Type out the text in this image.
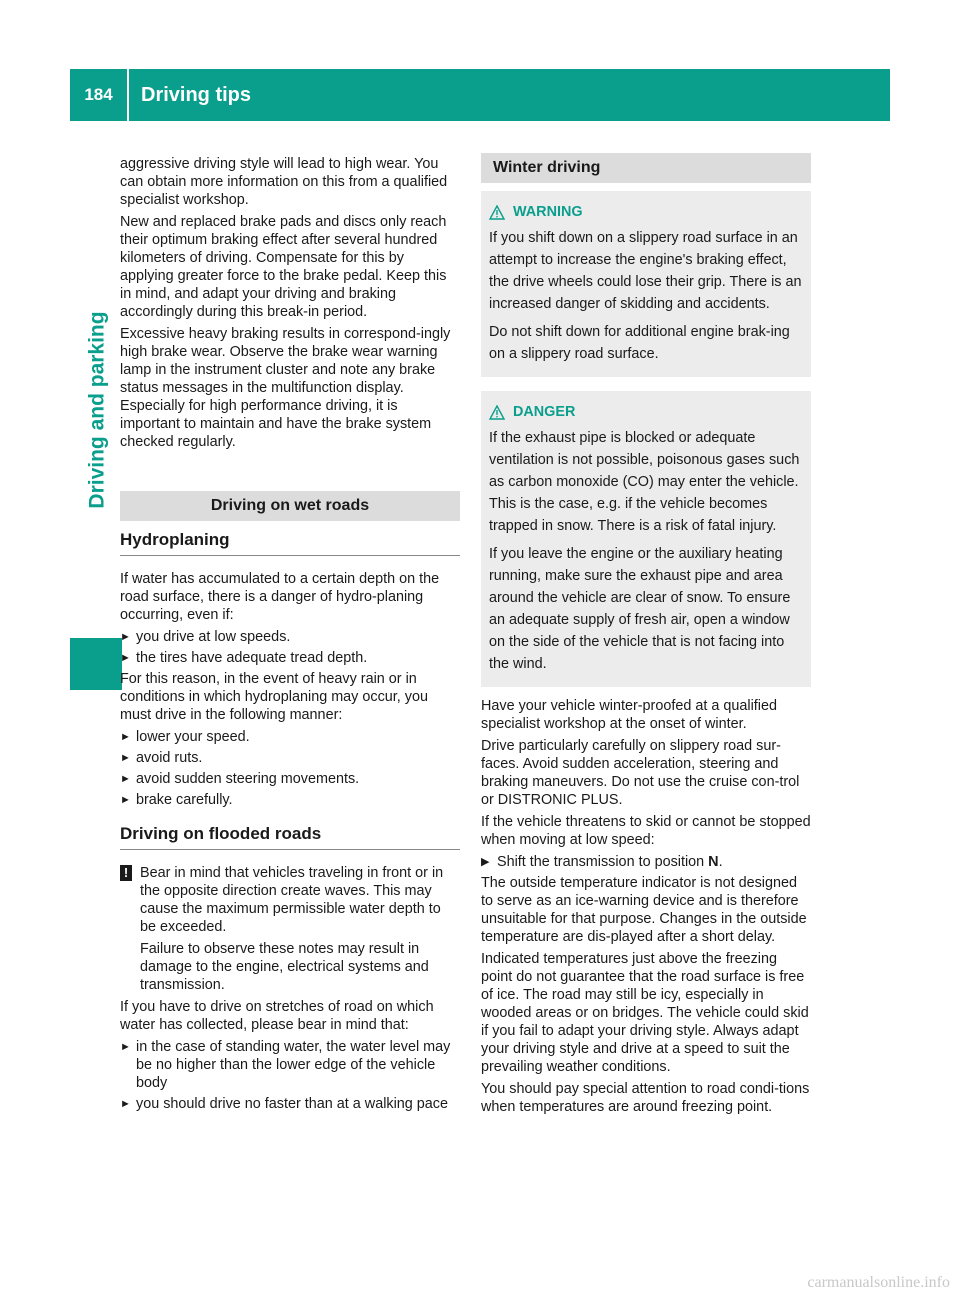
184	Driving tips
Driving and parking

aggressive driving style will lead to high wear. You can obtain more information on this from a qualified specialist workshop.

New and replaced brake pads and discs only reach their optimum braking effect after several hundred kilometers of driving. Compensate for this by applying greater force to the brake pedal. Keep this in mind, and adapt your driving and braking accordingly during this break-in period.

Excessive heavy braking results in correspond-ingly high brake wear. Observe the brake wear warning lamp in the instrument cluster and note any brake status messages in the multifunction display. Especially for high performance driving, it is important to maintain and have the brake system checked regularly.

Driving on wet roads
Hydroplaning

If water has accumulated to a certain depth on the road surface, there is a danger of hydro-planing occurring, even if:

► you drive at low speeds.
► the tires have adequate tread depth.

For this reason, in the event of heavy rain or in conditions in which hydroplaning may occur, you must drive in the following manner:

► lower your speed.
► avoid ruts.
► avoid sudden steering movements.
► brake carefully.
Driving on flooded roads
! Bear in mind that vehicles traveling in front or in the opposite direction create waves. This may cause the maximum permissible water depth to be exceeded.

Failure to observe these notes may result in damage to the engine, electrical systems and transmission.

If you have to drive on stretches of road on which water has collected, please bear in mind that:

► in the case of standing water, the water level may be no higher than the lower edge of the vehicle body
► you should drive no faster than at a walking pace
Winter driving
WARNING

If you shift down on a slippery road surface in an attempt to increase the engine's braking effect, the drive wheels could lose their grip. There is an increased danger of skidding and accidents.

Do not shift down for additional engine brak-ing on a slippery road surface.

DANGER

If the exhaust pipe is blocked or adequate ventilation is not possible, poisonous gases such as carbon monoxide (CO) may enter the vehicle. This is the case, e.g. if the vehicle becomes trapped in snow. There is a risk of fatal injury.

If you leave the engine or the auxiliary heating running, make sure the exhaust pipe and area around the vehicle are clear of snow. To ensure an adequate supply of fresh air, open a window on the side of the vehicle that is not facing into the wind.

Have your vehicle winter-proofed at a qualified specialist workshop at the onset of winter.

Drive particularly carefully on slippery road sur-faces. Avoid sudden acceleration, steering and braking maneuvers. Do not use the cruise con-trol or DISTRONIC PLUS.

If the vehicle threatens to skid or cannot be stopped when moving at low speed:

▶ Shift the transmission to position N.

The outside temperature indicator is not designed to serve as an ice-warning device and is therefore unsuitable for that purpose. Changes in the outside temperature are dis-played after a short delay.

Indicated temperatures just above the freezing point do not guarantee that the road surface is free of ice. The road may still be icy, especially in wooded areas or on bridges. The vehicle could skid if you fail to adapt your driving style. Always adapt your driving style and drive at a speed to suit the prevailing weather conditions.

You should pay special attention to road condi-tions when temperatures are around freezing point.

carmanualsonline.info
